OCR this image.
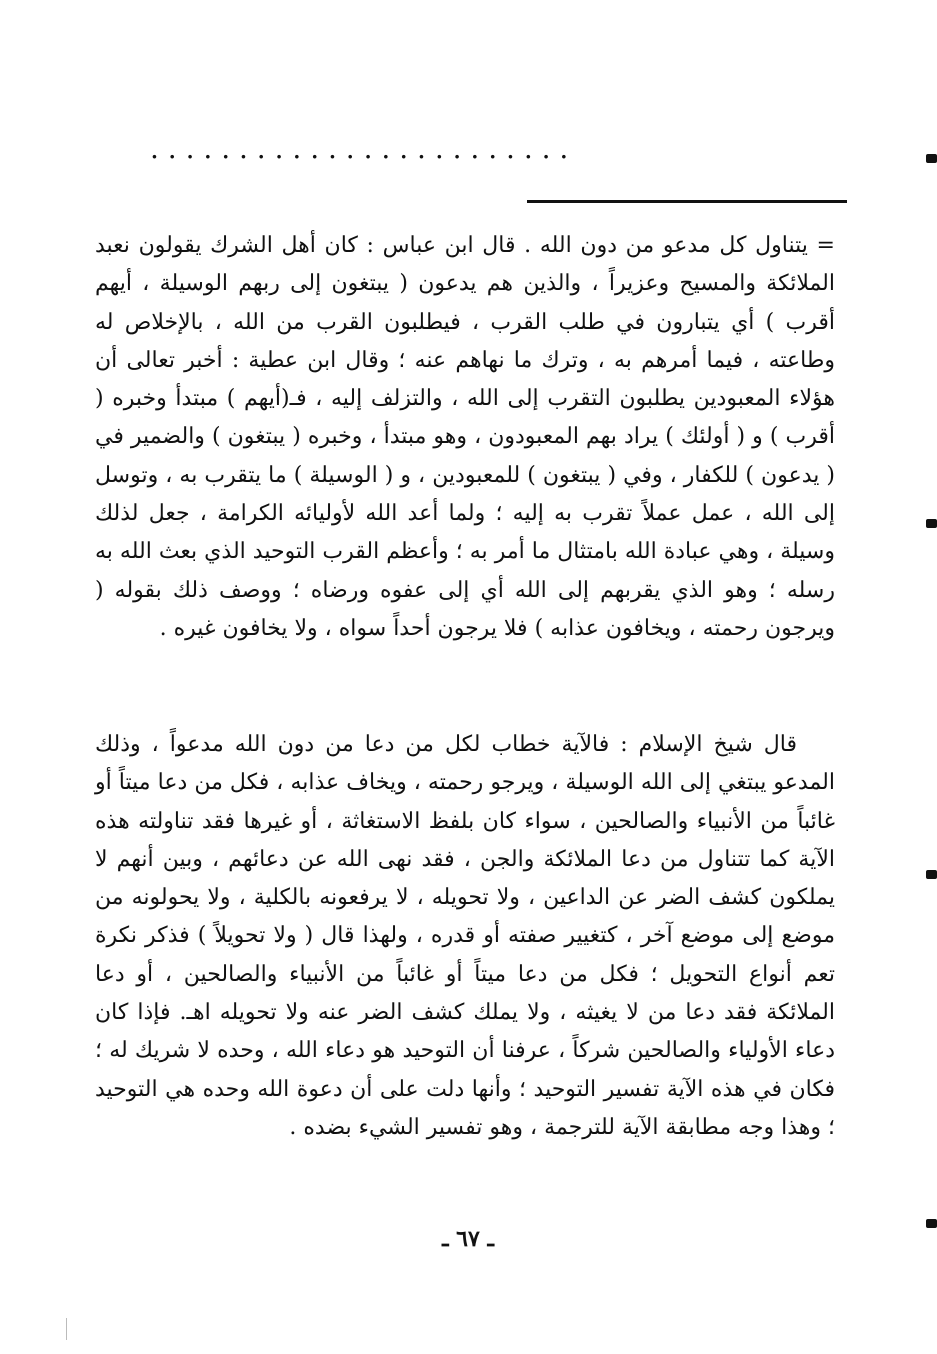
. . . . . . . . . . . . . . . . . . . . . . . .

= يتناول كل مدعو من دون الله . قال ابن عباس : كان أهل الشرك يقولون نعبد الملائكة والمسيح وعزيراً ، والذين هم يدعون ( يبتغون إلى ربهم الوسيلة ، أيهم أقرب ) أي يتبارون في طلب القرب ، فيطلبون القرب من الله ، بالإخلاص له وطاعته ، فيما أمرهم به ، وترك ما نهاهم عنه ؛ وقال ابن عطية : أخبر تعالى أن هؤلاء المعبودين يطلبون التقرب إلى الله ، والتزلف إليه ، فـ(أيهم ) مبتدأ وخبره ( أقرب ) و ( أولئك ) يراد بهم المعبودون ، وهو مبتدأ ، وخبره ( يبتغون ) والضمير في ( يدعون ) للكفار ، وفي ( يبتغون ) للمعبودين ، و ( الوسيلة ) ما يتقرب به ، وتوسل إلى الله ، عمل عملاً تقرب به إليه ؛ ولما أعد الله لأوليائه الكرامة ، جعل لذلك وسيلة ، وهي عبادة الله بامتثال ما أمر به ؛ وأعظم القرب التوحيد الذي بعث الله به رسله ؛ وهو الذي يقربهم إلى الله أي إلى عفوه ورضاه ؛ ووصف ذلك بقوله ( ويرجون رحمته ، ويخافون عذابه ) فلا يرجون أحداً سواه ، ولا يخافون غيره .

قال شيخ الإسلام : فالآية خطاب لكل من دعا من دون الله مدعواً ، وذلك المدعو يبتغي إلى الله الوسيلة ، ويرجو رحمته ، ويخاف عذابه ، فكل من دعا ميتاً أو غائباً من الأنبياء والصالحين ، سواء كان بلفظ الاستغاثة ، أو غيرها فقد تناولته هذه الآية كما تتناول من دعا الملائكة والجن ، فقد نهى الله عن دعائهم ، وبين أنهم لا يملكون كشف الضر عن الداعين ، ولا تحويله ، لا يرفعونه بالكلية ، ولا يحولونه من موضع إلى موضع آخر ، كتغيير صفته أو قدره ، ولهذا قال ( ولا تحويلاً ) فذكر نكرة تعم أنواع التحويل ؛ فكل من دعا ميتاً أو غائباً من الأنبياء والصالحين ، أو دعا الملائكة فقد دعا من لا يغيثه ، ولا يملك كشف الضر عنه ولا تحويله اهـ. فإذا كان دعاء الأولياء والصالحين شركاً ، عرفنا أن التوحيد هو دعاء الله ، وحده لا شريك له ؛ فكان في هذه الآية تفسير التوحيد ؛ وأنها دلت على أن دعوة الله وحده هي التوحيد ؛ وهذا وجه مطابقة الآية للترجمة ، وهو تفسير الشيء بضده .

ـ ٦٧ ـ
